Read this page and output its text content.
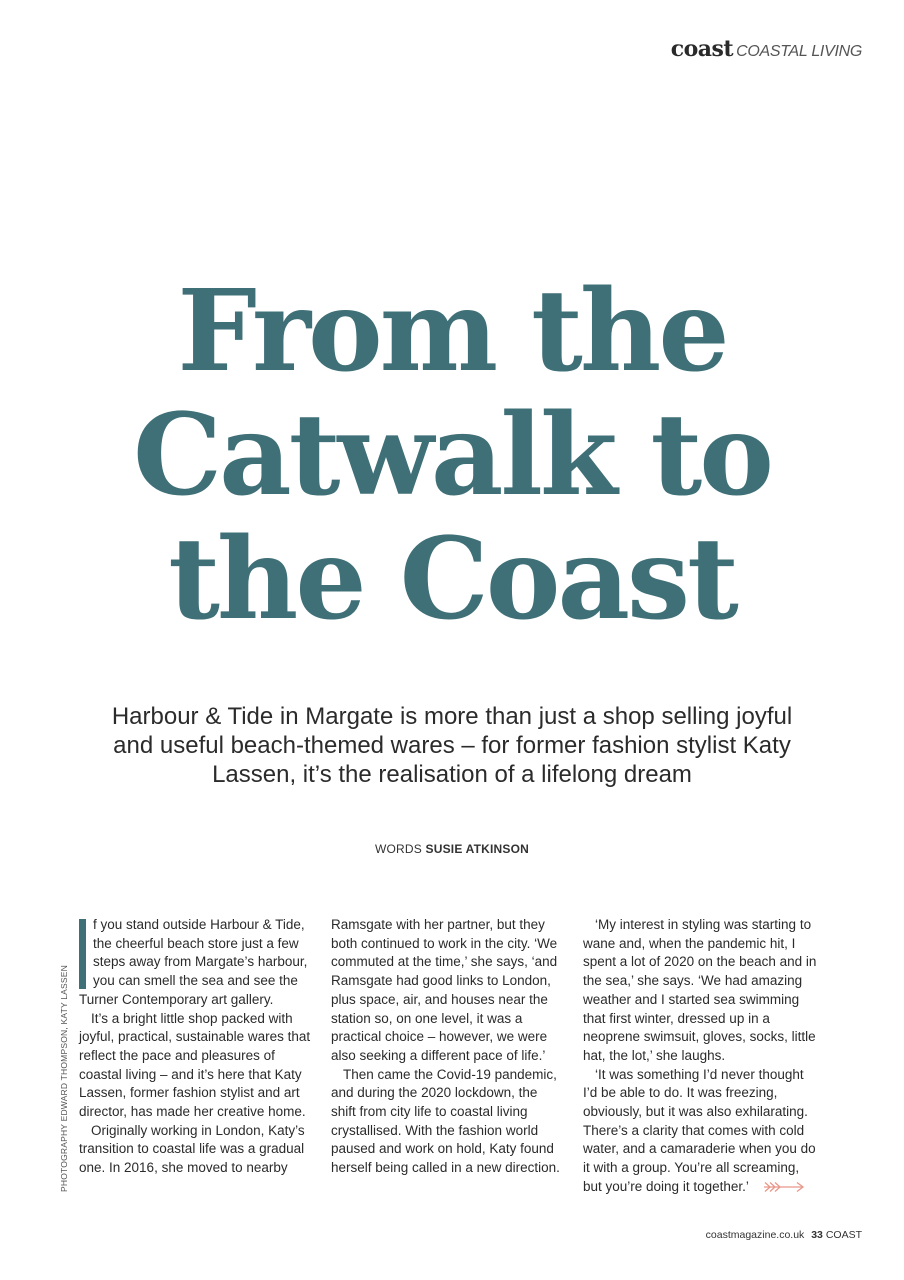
coast COASTAL LIVING
From the
Catwalk to
the Coast

Harbour & Tide in Margate is more than just a shop selling joyful and useful beach-themed wares – for former fashion stylist Katy Lassen, it’s the realisation of a lifelong dream

WORDS SUSIE ATKINSON
PHOTOGRAPHY EDWARD THOMPSON, KATY LASSEN

f you stand outside Harbour & Tide, the cheerful beach store just a few steps away from Margate’s harbour, you can smell the sea and see the Turner Contemporary art gallery.

It’s a bright little shop packed with joyful, practical, sustainable wares that reflect the pace and pleasures of coastal living – and it’s here that Katy Lassen, former fashion stylist and art director, has made her creative home.

Originally working in London, Katy’s transition to coastal life was a gradual one. In 2016, she moved to nearby

Ramsgate with her partner, but they both continued to work in the city. ‘We commuted at the time,’ she says, ‘and Ramsgate had good links to London, plus space, air, and houses near the station so, on one level, it was a practical choice – however, we were also seeking a different pace of life.’

Then came the Covid-19 pandemic, and during the 2020 lockdown, the shift from city life to coastal living crystallised. With the fashion world paused and work on hold, Katy found herself being called in a new direction.

‘My interest in styling was starting to wane and, when the pandemic hit, I spent a lot of 2020 on the beach and in the sea,’ she says. ‘We had amazing weather and I started sea swimming that first winter, dressed up in a neoprene swimsuit, gloves, socks, little hat, the lot,’ she laughs.

‘It was something I’d never thought I’d be able to do. It was freezing, obviously, but it was also exhilarating. There’s a clarity that comes with cold water, and a camaraderie when you do it with a group. You’re all screaming, but you’re doing it together.’

coastmagazine.co.uk 33 COAST
